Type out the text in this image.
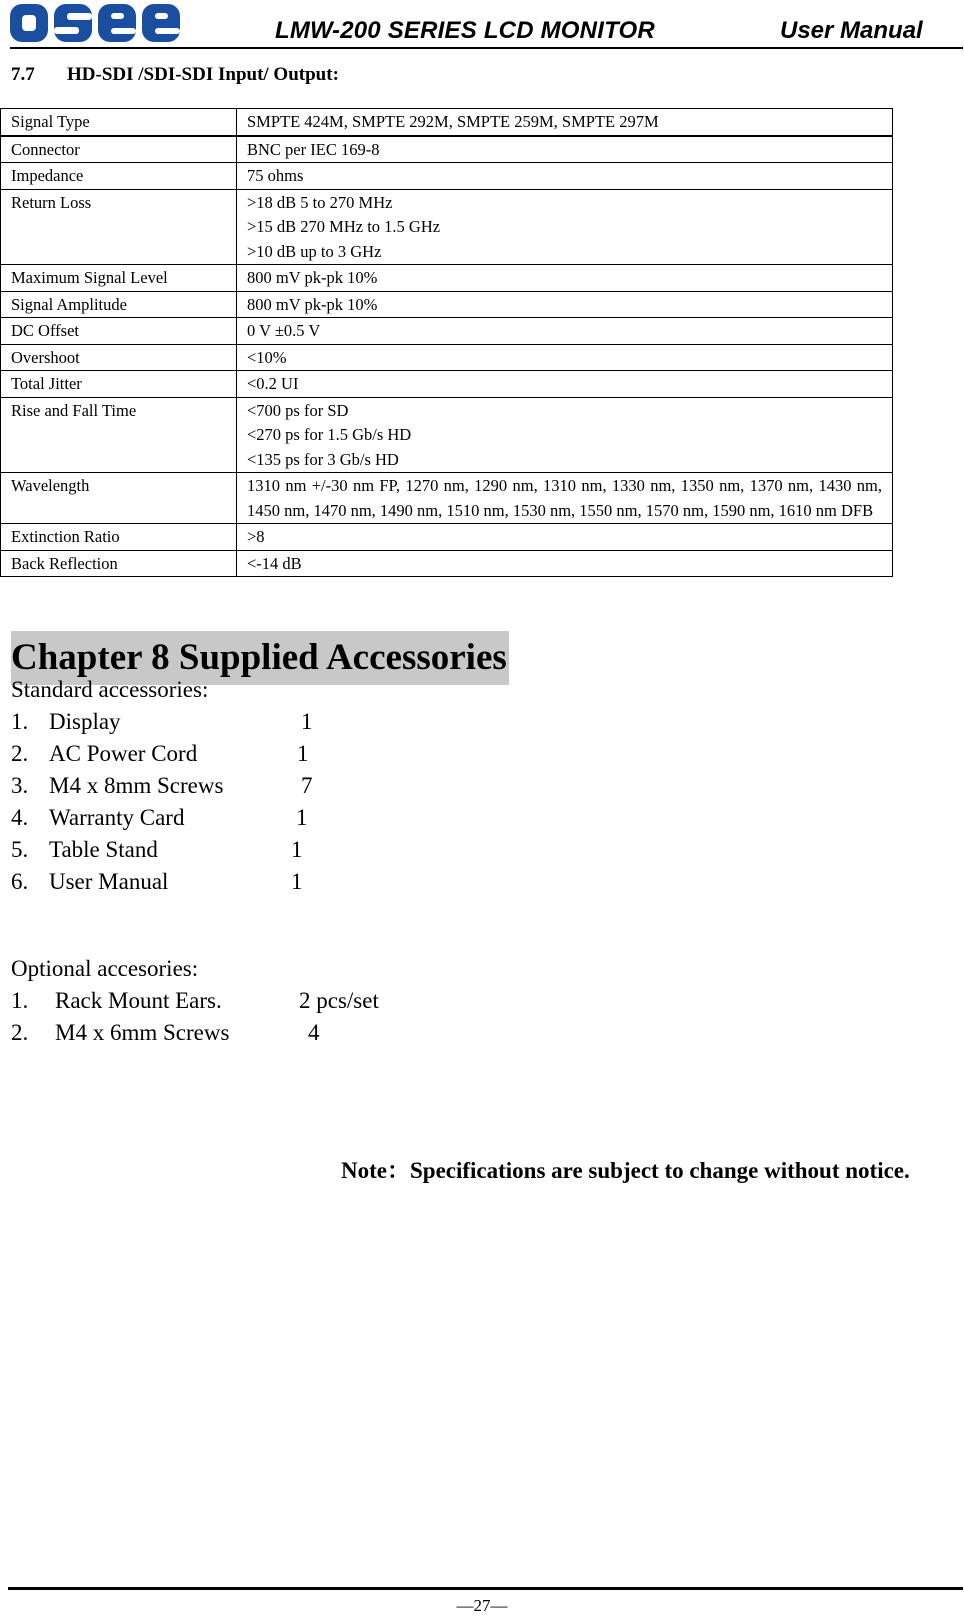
LMW-200 SERIES LCD MONITOR	User Manual
7.7 HD-SDI /SDI-SDI Input/ Output:
Signal Type	SMPTE 424M, SMPTE 292M, SMPTE 259M, SMPTE 297M

Connector	BNC per IEC 169-8

Impedance	75 ohms

Return Loss	>18 dB 5 to 270 MHz
>15 dB 270 MHz to 1.5 GHz
>10 dB up to 3 GHz

Maximum Signal Level	800 mV pk-pk 10%

Signal Amplitude	800 mV pk-pk 10%

DC Offset	0 V ±0.5 V

Overshoot	<10%

Total Jitter	<0.2 UI

Rise and Fall Time	<700 ps for SD
<270 ps for 1.5 Gb/s HD
<135 ps for 3 Gb/s HD

Wavelength	1310 nm +/-30 nm FP, 1270 nm, 1290 nm, 1310 nm, 1330 nm, 1350 nm, 1370 nm, 1430 nm, 1450 nm, 1470 nm, 1490 nm, 1510 nm, 1530 nm, 1550 nm, 1570 nm, 1590 nm, 1610 nm DFB

Extinction Ratio	>8

Back Reflection	<-14 dB
Chapter 8 Supplied Accessories
Standard accessories:
1. Display	1
2. AC Power Cord	1
3. M4 x 8mm Screws	7
4. Warranty Card	1
5. Table Stand	1
6. User Manual	1
Optional accesories:
1. Rack Mount Ears.	2 pcs/set
2. M4 x 6mm Screws	4
Note：Specifications are subject to change without notice.
—27—
